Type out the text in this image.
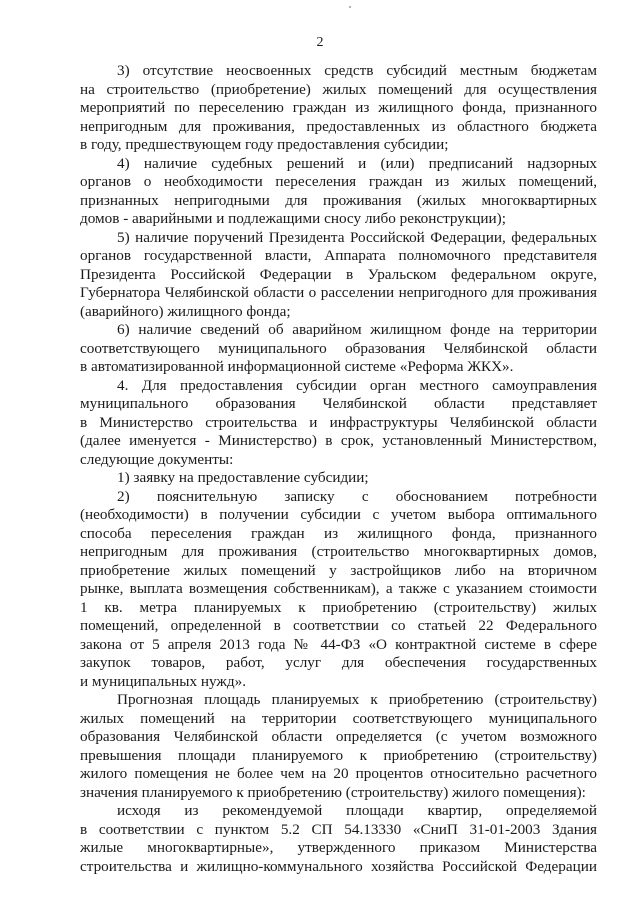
2
3) отсутствие неосвоенных средств субсидий местным бюджетам
на строительство (приобретение) жилых помещений для осуществления
мероприятий по переселению граждан из жилищного фонда, признанного
непригодным для проживания, предоставленных из областного бюджета
в году, предшествующем году предоставления субсидии;
4) наличие судебных решений и (или) предписаний надзорных
органов о необходимости переселения граждан из жилых помещений,
признанных непригодными для проживания (жилых многоквартирных
домов - аварийными и подлежащими сносу либо реконструкции);
5) наличие поручений Президента Российской Федерации, федеральных
органов государственной власти, Аппарата полномочного представителя
Президента Российской Федерации в Уральском федеральном округе,
Губернатора Челябинской области о расселении непригодного для проживания
(аварийного) жилищного фонда;
6) наличие сведений об аварийном жилищном фонде на территории
соответствующего муниципального образования Челябинской области
в автоматизированной информационной системе «Реформа ЖКХ».
4. Для предоставления субсидии орган местного самоуправления
муниципального образования Челябинской области представляет
в Министерство строительства и инфраструктуры Челябинской области
(далее именуется - Министерство) в срок, установленный Министерством,
следующие документы:
1) заявку на предоставление субсидии;
2) пояснительную записку с обоснованием потребности
(необходимости) в получении субсидии с учетом выбора оптимального
способа переселения граждан из жилищного фонда, признанного
непригодным для проживания (строительство многоквартирных домов,
приобретение жилых помещений у застройщиков либо на вторичном
рынке, выплата возмещения собственникам), а также с указанием стоимости
1 кв. метра планируемых к приобретению (строительству) жилых
помещений, определенной в соответствии со статьей 22 Федерального
закона от 5 апреля 2013 года № 44-ФЗ «О контрактной системе в сфере
закупок товаров, работ, услуг для обеспечения государственных
и муниципальных нужд».
Прогнозная площадь планируемых к приобретению (строительству)
жилых помещений на территории соответствующего муниципального
образования Челябинской области определяется (с учетом возможного
превышения площади планируемого к приобретению (строительству)
жилого помещения не более чем на 20 процентов относительно расчетного
значения планируемого к приобретению (строительству) жилого помещения):
исходя из рекомендуемой площади квартир, определяемой
в соответствии с пунктом 5.2 СП 54.13330 «СниП 31-01-2003 Здания
жилые многоквартирные», утвержденного приказом Министерства
строительства и жилищно-коммунального хозяйства Российской Федерации
